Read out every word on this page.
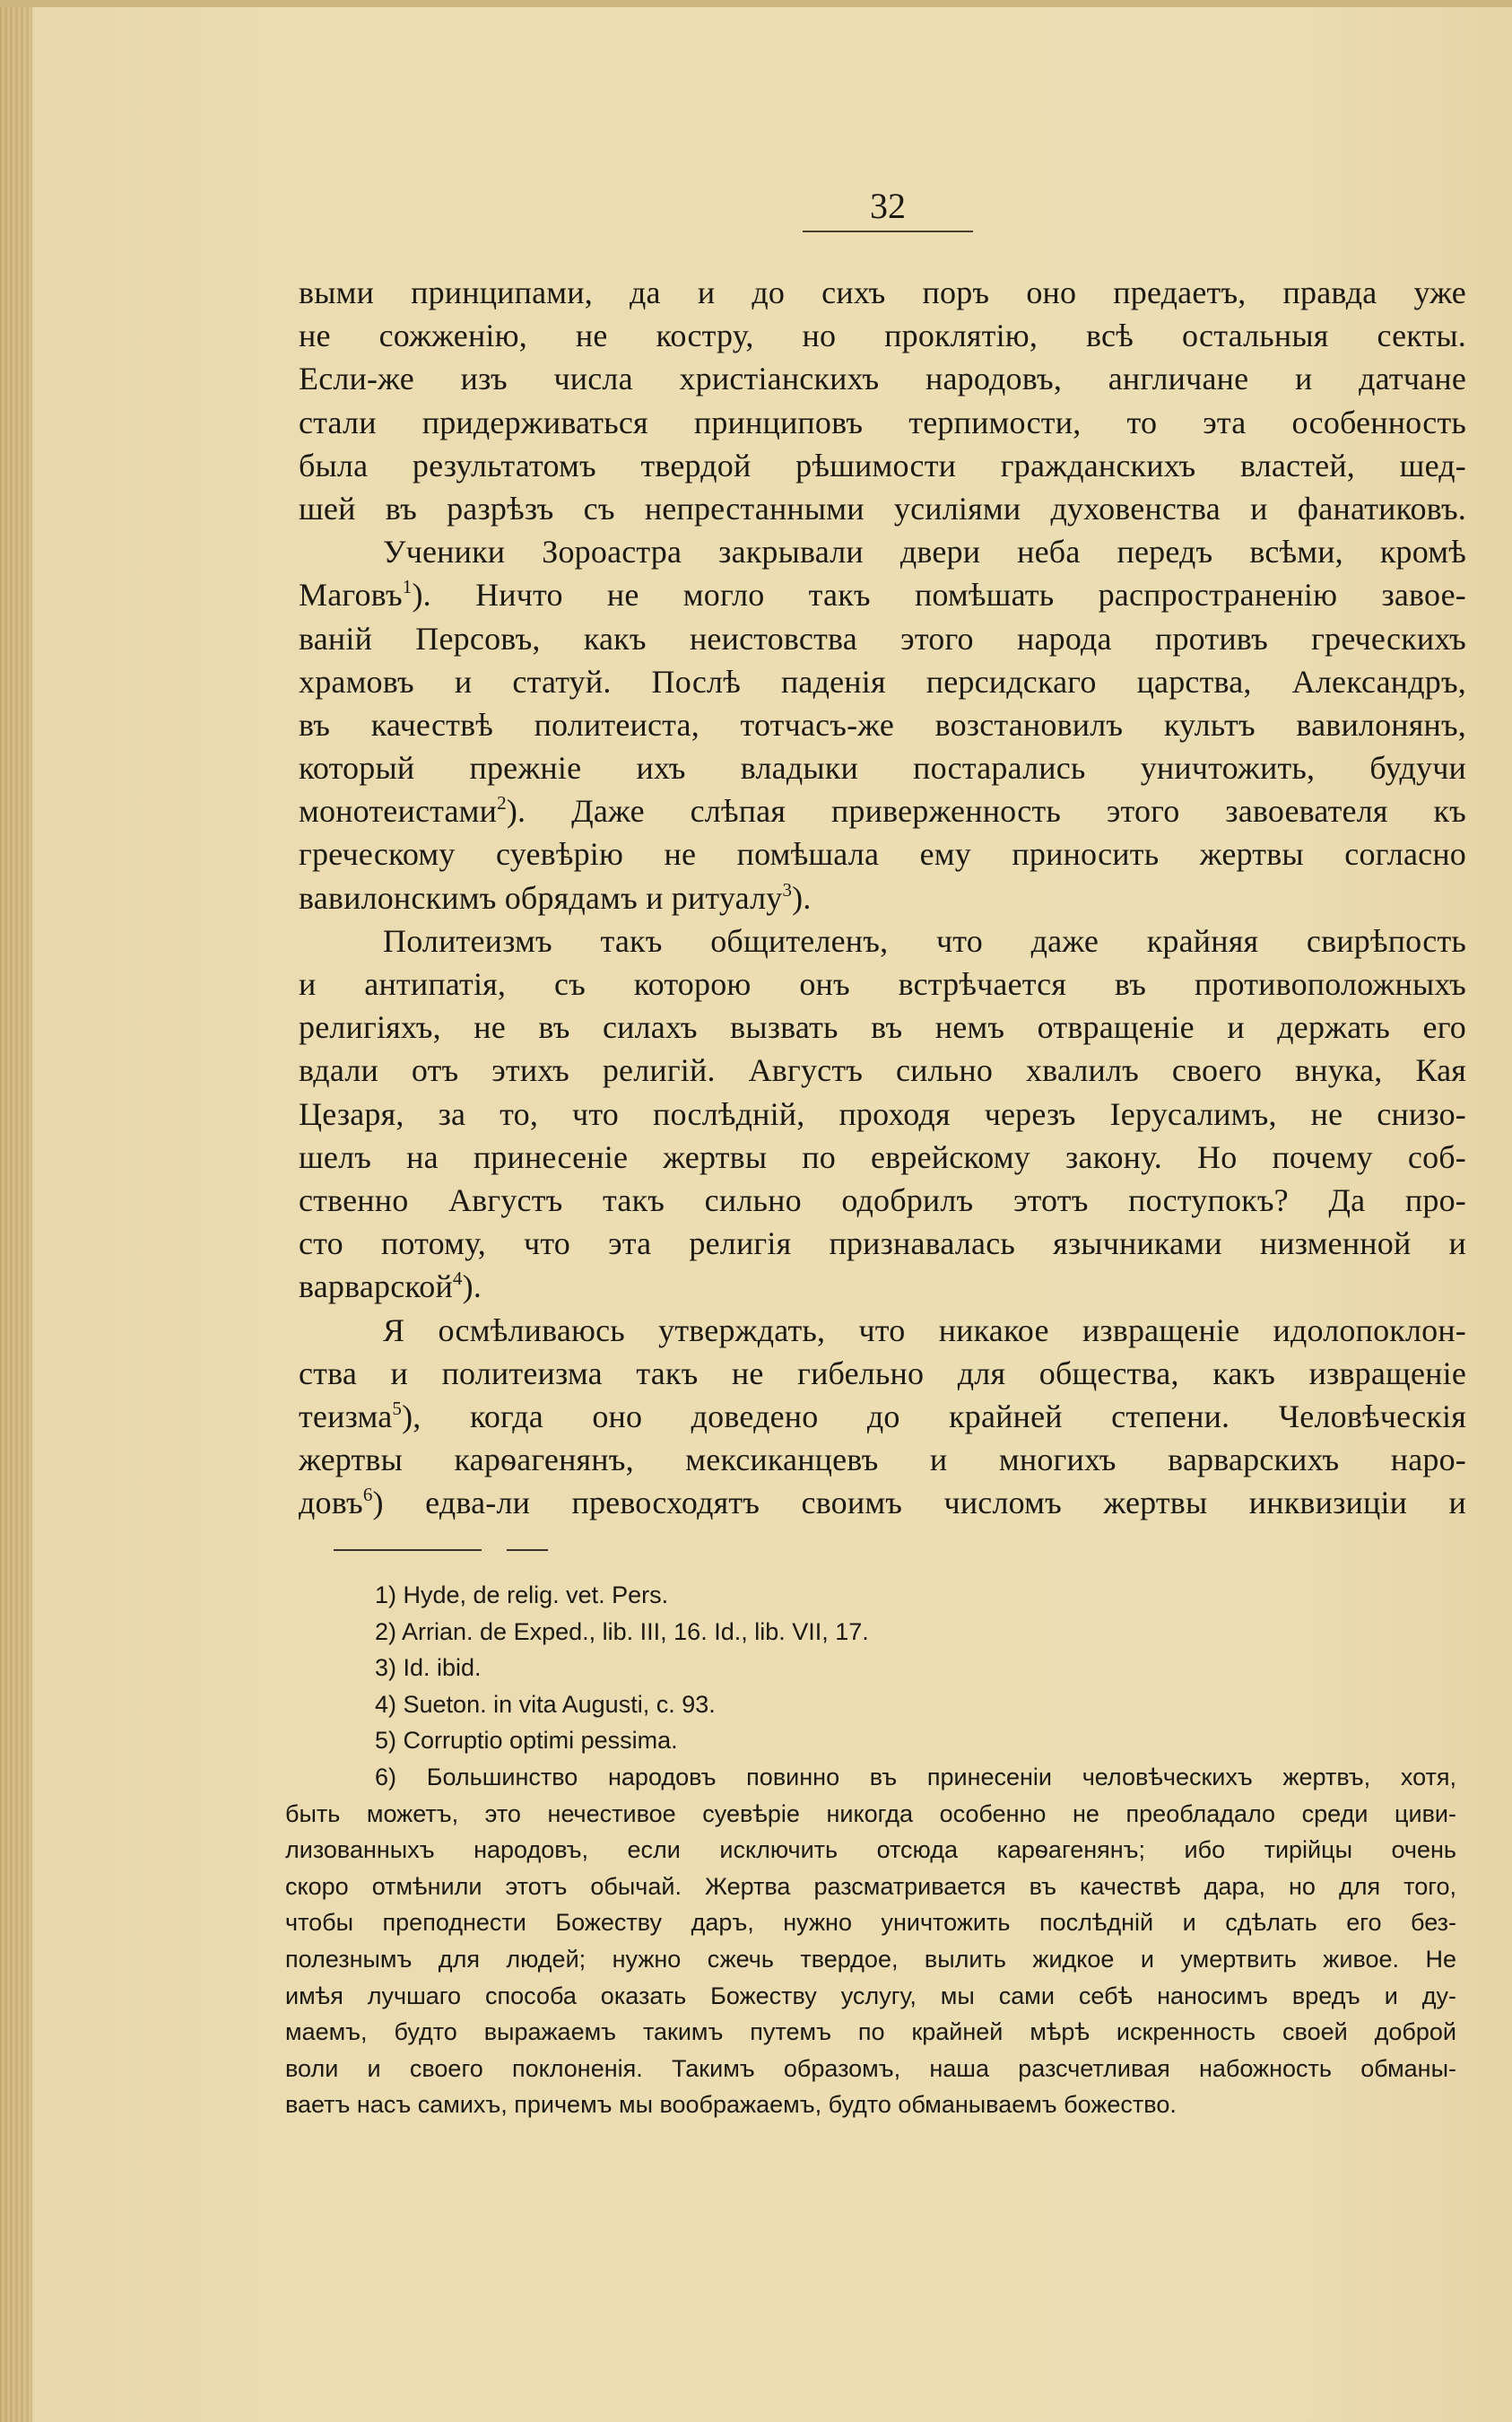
32
выми принципами, да и до сихъ поръ оно предаетъ, правда уже
не сожженію, не костру, но проклятію, всѣ остальныя секты.
Если-же изъ числа христіанскихъ народовъ, англичане и датчане
стали придерживаться принциповъ терпимости, то эта особенность
была результатомъ твердой рѣшимости гражданскихъ властей, шед-
шей въ разрѣзъ съ непрестанными усиліями духовенства и фанатиковъ.
Ученики Зороастра закрывали двери неба передъ всѣми, кромѣ
Маговъ$^1$). Ничто не могло такъ помѣшать распространенію завое-
ваній Персовъ, какъ неистовства этого народа противъ греческихъ
храмовъ и статуй. Послѣ паденія персидскаго царства, Александръ,
въ качествѣ политеиста, тотчасъ-же возстановилъ культъ вавилонянъ,
который прежніе ихъ владыки постарались уничтожить, будучи
монотеистами$^2$). Даже слѣпая приверженность этого завоевателя къ
греческому суевѣрію не помѣшала ему приносить жертвы согласно
вавилонскимъ обрядамъ и ритуалу$^3$).
Политеизмъ такъ общителенъ, что даже крайняя свирѣпость
и антипатія, съ которою онъ встрѣчается въ противоположныхъ
религіяхъ, не въ силахъ вызвать въ немъ отвращеніе и держать его
вдали отъ этихъ религій. Августъ сильно хвалилъ своего внука, Кая
Цезаря, за то, что послѣдній, проходя черезъ Іерусалимъ, не снизо-
шелъ на принесеніе жертвы по еврейскому закону. Но почему соб-
ственно Августъ такъ сильно одобрилъ этотъ поступокъ? Да про-
сто потому, что эта религія признавалась язычниками низменной и
варварской$^4$).
Я осмѣливаюсь утверждать, что никакое извращеніе идолопоклон-
ства и политеизма такъ не гибельно для общества, какъ извращеніе
теизма$^5$), когда оно доведено до крайней степени. Человѣческія
жертвы карѳагенянъ, мексиканцевъ и многихъ варварскихъ наро-
довъ$^6$) едва-ли превосходятъ своимъ числомъ жертвы инквизиціи и
1) Hyde, de relig. vet. Pers.
2) Arrian. de Exped., lib. III, 16. Id., lib. VII, 17.
3) Id. ibid.
4) Sueton. in vita Augusti, c. 93.
5) Corruptio optimi pessima.
6) Большинство народовъ повинно въ принесеніи человѣческихъ жертвъ, хотя,
быть можетъ, это нечестивое суевѣріе никогда особенно не преобладало среди циви-
лизованныхъ народовъ, если исключить отсюда карѳагенянъ; ибо тирійцы очень
скоро отмѣнили этотъ обычай. Жертва разсматривается въ качествѣ дара, но для того,
чтобы преподнести Божеству даръ, нужно уничтожить послѣдній и сдѣлать его без-
полезнымъ для людей; нужно сжечь твердое, вылить жидкое и умертвить живое. Не
имѣя лучшаго способа оказать Божеству услугу, мы сами себѣ наносимъ вредъ и ду-
маемъ, будто выражаемъ такимъ путемъ по крайней мѣрѣ искренность своей доброй
воли и своего поклоненія. Такимъ образомъ, наша разсчетливая набожность обманы-
ваетъ насъ самихъ, причемъ мы воображаемъ, будто обманываемъ божество.
